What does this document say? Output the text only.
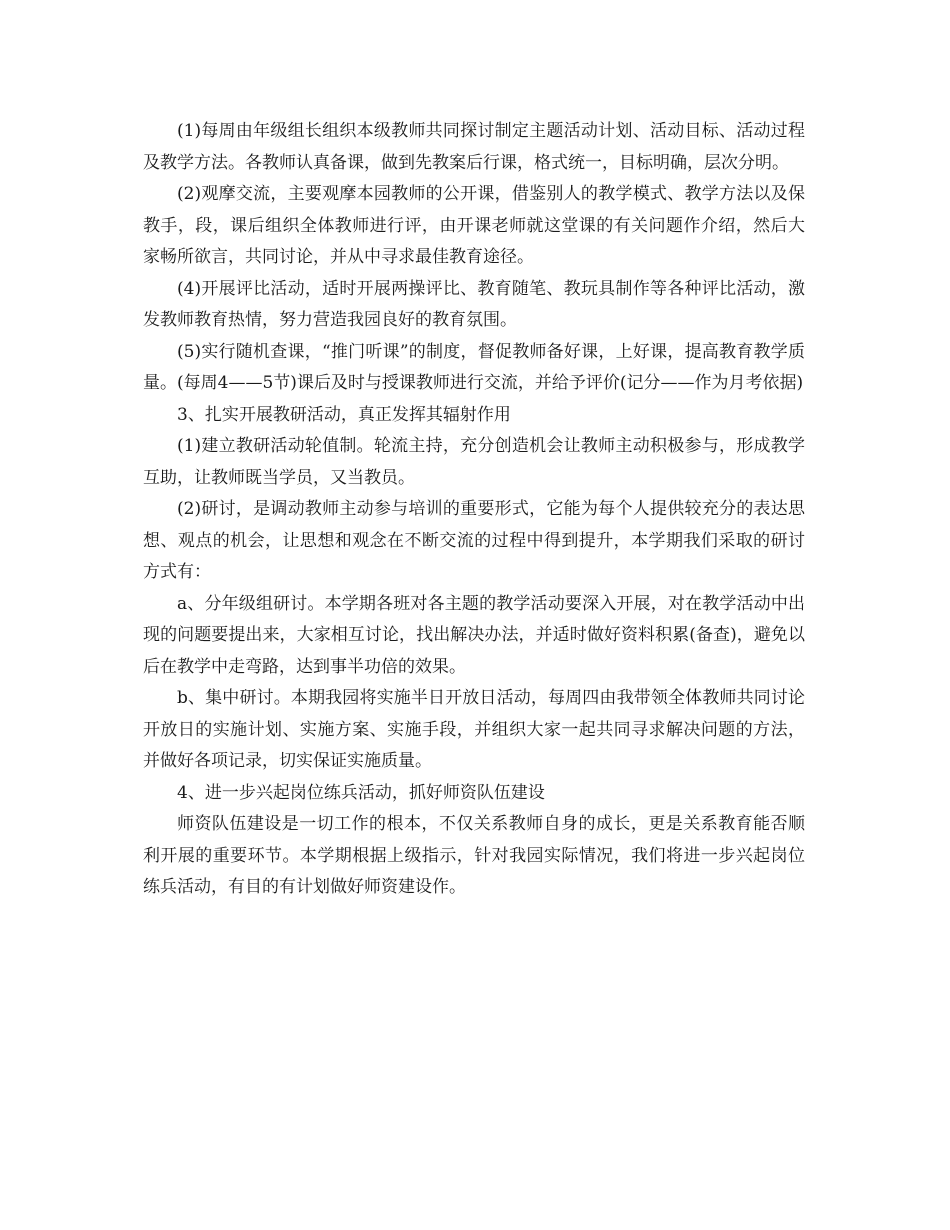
(1)每周由年级组长组织本级教师共同探讨制定主题活动计划、活动目标、活动过程及教学方法。各教师认真备课，做到先教案后行课，格式统一，目标明确，层次分明。

(2)观摩交流，主要观摩本园教师的公开课，借鉴别人的教学模式、教学方法以及保教手，段，课后组织全体教师进行评，由开课老师就这堂课的有关问题作介绍，然后大家畅所欲言，共同讨论，并从中寻求最佳教育途径。

(4)开展评比活动，适时开展两操评比、教育随笔、教玩具制作等各种评比活动，激发教师教育热情，努力营造我园良好的教育氛围。

(5)实行随机查课，“推门听课”的制度，督促教师备好课，上好课，提高教育教学质量。(每周4——5节)课后及时与授课教师进行交流，并给予评价(记分——作为月考依据)

3、扎实开展教研活动，真正发挥其辐射作用

(1)建立教研活动轮值制。轮流主持，充分创造机会让教师主动积极参与，形成教学互助，让教师既当学员，又当教员。

(2)研讨，是调动教师主动参与培训的重要形式，它能为每个人提供较充分的表达思想、观点的机会，让思想和观念在不断交流的过程中得到提升，本学期我们采取的研讨方式有：

a、分年级组研讨。本学期各班对各主题的教学活动要深入开展，对在教学活动中出现的问题要提出来，大家相互讨论，找出解决办法，并适时做好资料积累(备查)，避免以后在教学中走弯路，达到事半功倍的效果。

b、集中研讨。本期我园将实施半日开放日活动，每周四由我带领全体教师共同讨论开放日的实施计划、实施方案、实施手段，并组织大家一起共同寻求解决问题的方法，并做好各项记录，切实保证实施质量。

4、进一步兴起岗位练兵活动，抓好师资队伍建设

师资队伍建设是一切工作的根本，不仅关系教师自身的成长，更是关系教育能否顺利开展的重要环节。本学期根据上级指示，针对我园实际情况，我们将进一步兴起岗位练兵活动，有目的有计划做好师资建设作。
